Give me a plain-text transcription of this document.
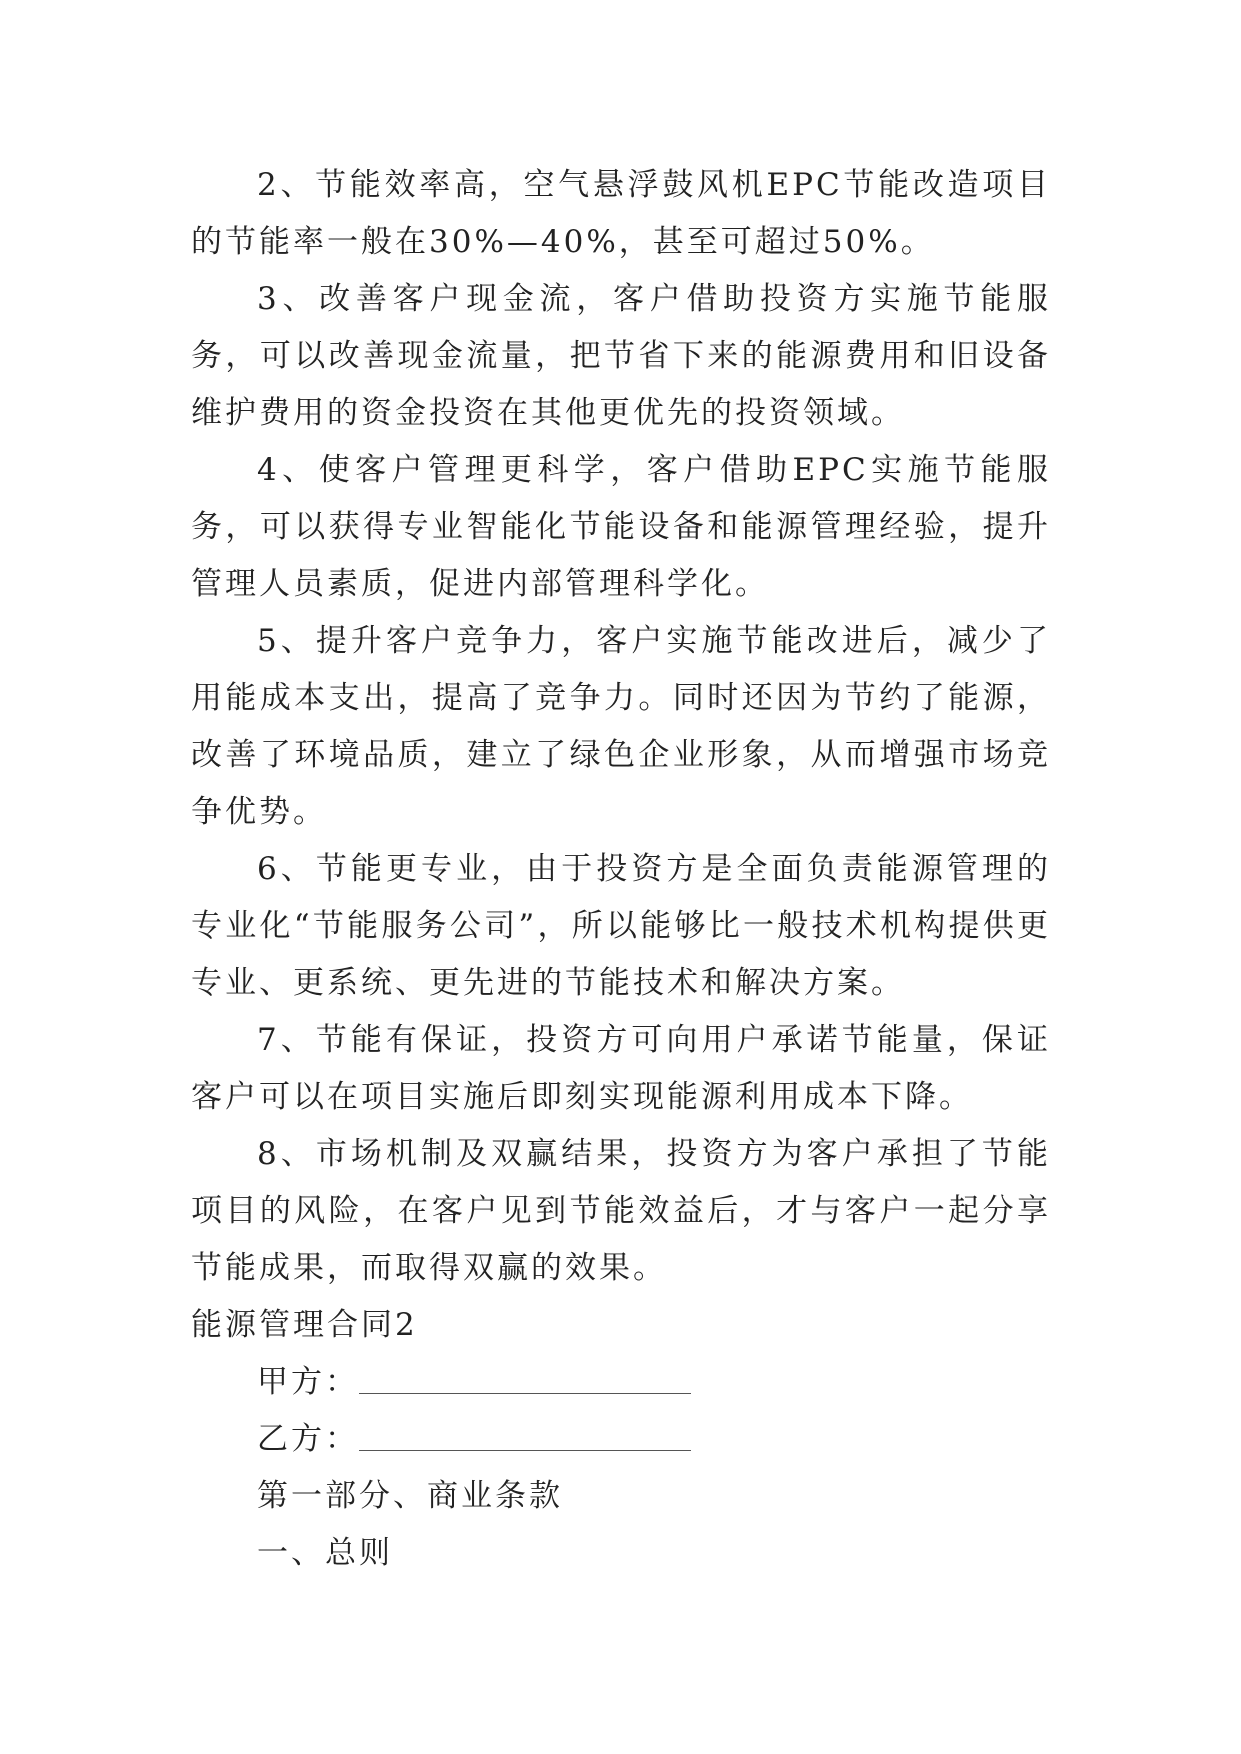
2、节能效率高，空气悬浮鼓风机EPC节能改造项目的节能率一般在30%—40%，甚至可超过50%。

3、改善客户现金流，客户借助投资方实施节能服务，可以改善现金流量，把节省下来的能源费用和旧设备维护费用的资金投资在其他更优先的投资领域。

4、使客户管理更科学，客户借助EPC实施节能服务，可以获得专业智能化节能设备和能源管理经验，提升管理人员素质，促进内部管理科学化。

5、提升客户竞争力，客户实施节能改进后，减少了用能成本支出，提高了竞争力。同时还因为节约了能源，改善了环境品质，建立了绿色企业形象，从而增强市场竞争优势。

6、节能更专业，由于投资方是全面负责能源管理的专业化“节能服务公司”，所以能够比一般技术机构提供更专业、更系统、更先进的节能技术和解决方案。

7、节能有保证，投资方可向用户承诺节能量，保证客户可以在项目实施后即刻实现能源利用成本下降。

8、市场机制及双赢结果，投资方为客户承担了节能项目的风险，在客户见到节能效益后，才与客户一起分享节能成果，而取得双赢的效果。

能源管理合同2

甲方：

乙方：

第一部分、商业条款

一、总则
